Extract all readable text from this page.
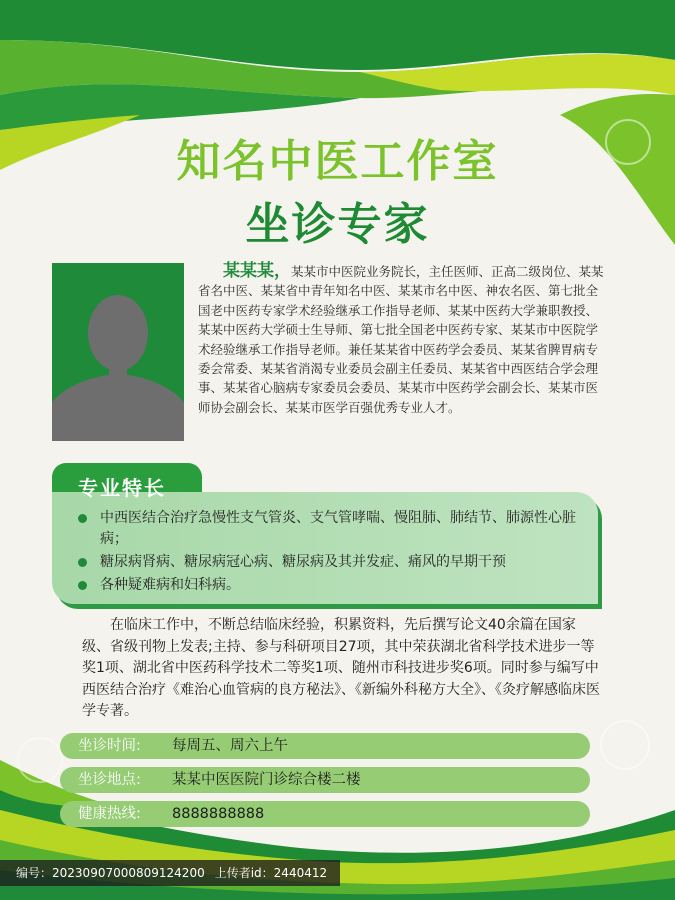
知名中医工作室
坐诊专家
某某某，某某市中医院业务院长，主任医师、正高二级岗位、某某省名中医、某某省中青年知名中医、某某市名中医、神农名医、第七批全国老中医药专家学术经验继承工作指导老师、某某中医药大学兼职教授、某某中医药大学硕士生导师、第七批全国老中医药专家、某某市中医院学术经验继承工作指导老师。兼任某某省中医药学会委员、某某省脾胃病专委会常委、某某省消渴专业委员会副主任委员、某某省中西医结合学会理事、某某省心脑病专家委员会委员、某某市中医药学会副会长、某某市医师协会副会长、某某市医学百强优秀专业人才。
专业特长
中西医结合治疗急慢性支气管炎、支气管哮喘、慢阻肺、肺结节、肺源性心脏病；
糖尿病肾病、糖尿病冠心病、糖尿病及其并发症、痛风的早期干预
各种疑难病和妇科病。
在临床工作中，不断总结临床经验，积累资料，先后撰写论文40余篇在国家级、省级刊物上发表;主持、参与科研项目27项，其中荣获湖北省科学技术进步一等奖1项、湖北省中医药科学技术二等奖1项、随州市科技进步奖6项。同时参与编写中西医结合治疗《难治心血管病的良方秘法》、《新编外科秘方大全》、《灸疗解感临床医学专著。
坐诊时间: 每周五、周六上午
坐诊地点: 某某中医医院门诊综合楼二楼
健康热线: 8888888888
编号：20230907000809124200 上传者id：2440412
